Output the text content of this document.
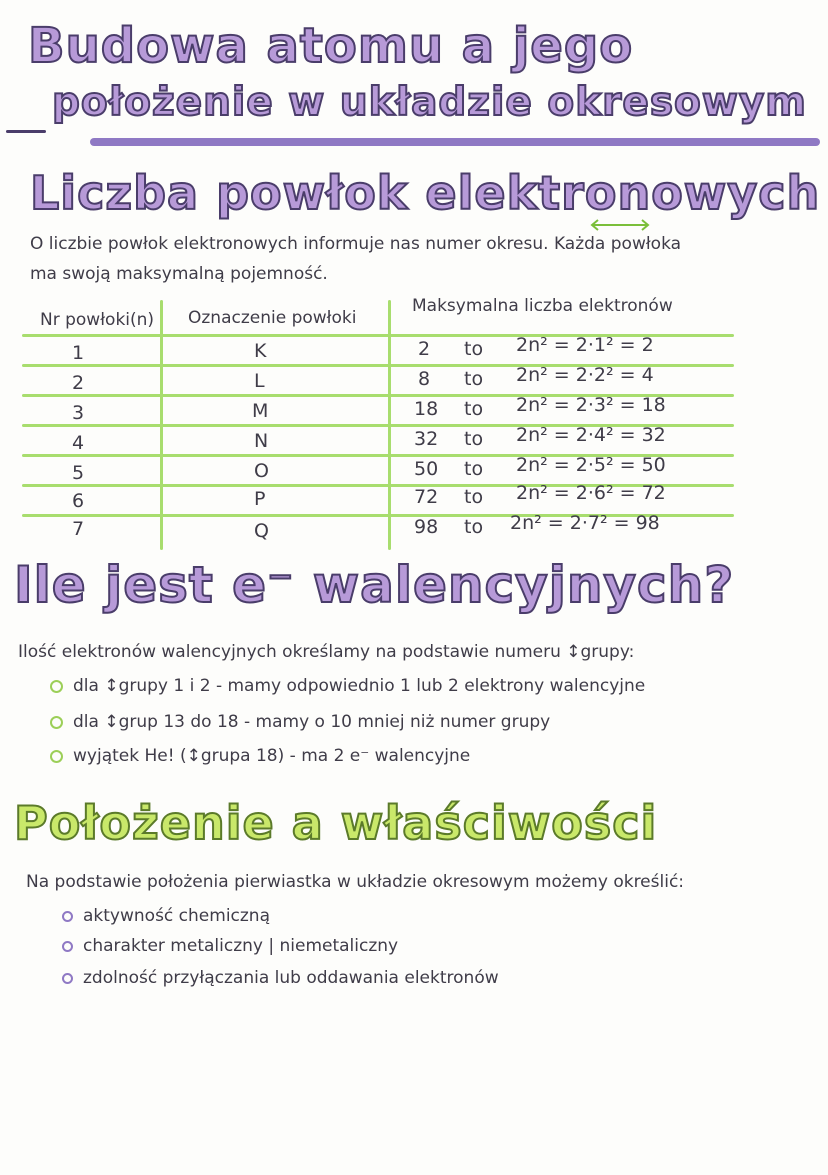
Budowa atomu a jego
położenie w układzie okresowym
Liczba powłok elektronowych
O liczbie powłok elektronowych informuje nas numer okresu. Każda powłoka
ma swoją maksymalną pojemność.
Nr powłoki(n) Oznaczenie powłoki
Maksymalna liczba elektronów
1	K	2 to 2n² = 2·1² = 2
2	L	8 to 2n² = 2·2² = 4
3	M	18 to 2n² = 2·3² = 18
4	N	32 to 2n² = 2·4² = 32
5	O	50 to 2n² = 2·5² = 50
6	P	72 to 2n² = 2·6² = 72
7	Q	98 to 2n² = 2·7² = 98
Ile jest e⁻ walencyjnych?
Ilość elektronów walencyjnych określamy na podstawie numeru ↕grupy:
dla ↕grupy 1 i 2 - mamy odpowiednio 1 lub 2 elektrony walencyjne
dla ↕grup 13 do 18 - mamy o 10 mniej niż numer grupy
wyjątek He! (↕grupa 18) - ma 2 e⁻ walencyjne
Położenie a właściwości
Na podstawie położenia pierwiastka w układzie okresowym możemy określić:
aktywność chemiczną
charakter metaliczny | niemetaliczny
zdolność przyłączania lub oddawania elektronów
